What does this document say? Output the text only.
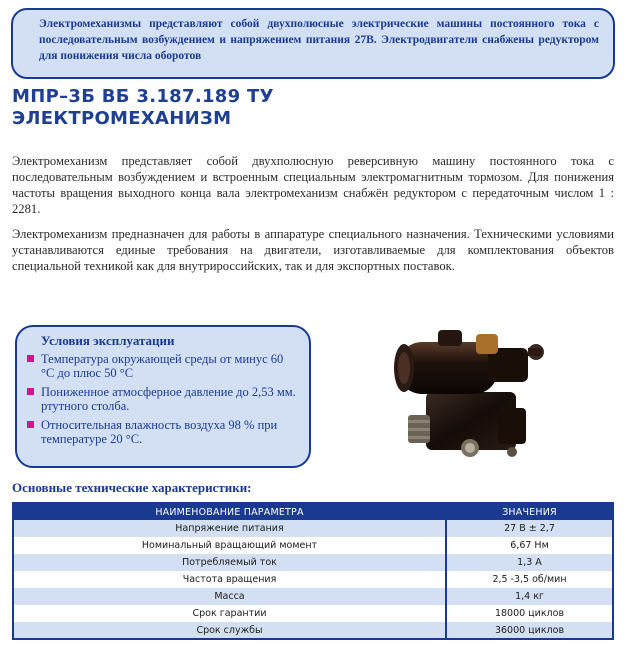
Электромеханизмы представляют собой двухполюсные электрические машины постоянного тока с последовательным возбуждением и напряжением питания 27В. Электродвигатели снабжены редуктором для понижения числа оборотов
МПР–3Б ВБ 3.187.189 ТУ
ЭЛЕКТРОМЕХАНИЗМ

Электромеханизм представляет собой двухполюсную реверсивную машину постоянного тока с последовательным возбуждением и встроенным специальным электромагнитным тормозом. Для понижения частоты вращения выходного конца вала электромеханизм снабжён редуктором с передаточным числом 1 : 2281.

Электромеханизм предназначен для работы в аппаратуре специального назначения. Техническими условиями устанавливаются единые требования на двигатели, изготавливаемые для комплектования объектов специальной техникой как для внутрироссийских, так и для экспортных поставок.

Условия эксплуатации
Температура окружающей среды от минус 60 °С до плюс 50 °С
Пониженное атмосферное давление до 2,53 мм. ртутного столба.
Относительная влажность воздуха 98 % при температуре 20 °С.
Основные технические характеристики:
НАИМЕНОВАНИЕ ПАРАМЕТРА	ЗНАЧЕНИЯ
Напряжение питания	27 В ± 2,7
Номинальный вращающий момент	6,67 Нм
Потребляемый ток	1,3 А
Частота вращения	2,5 -3,5 об/мин
Масса	1,4 кг
Срок гарантии	18000 циклов
Срок службы	36000 циклов
